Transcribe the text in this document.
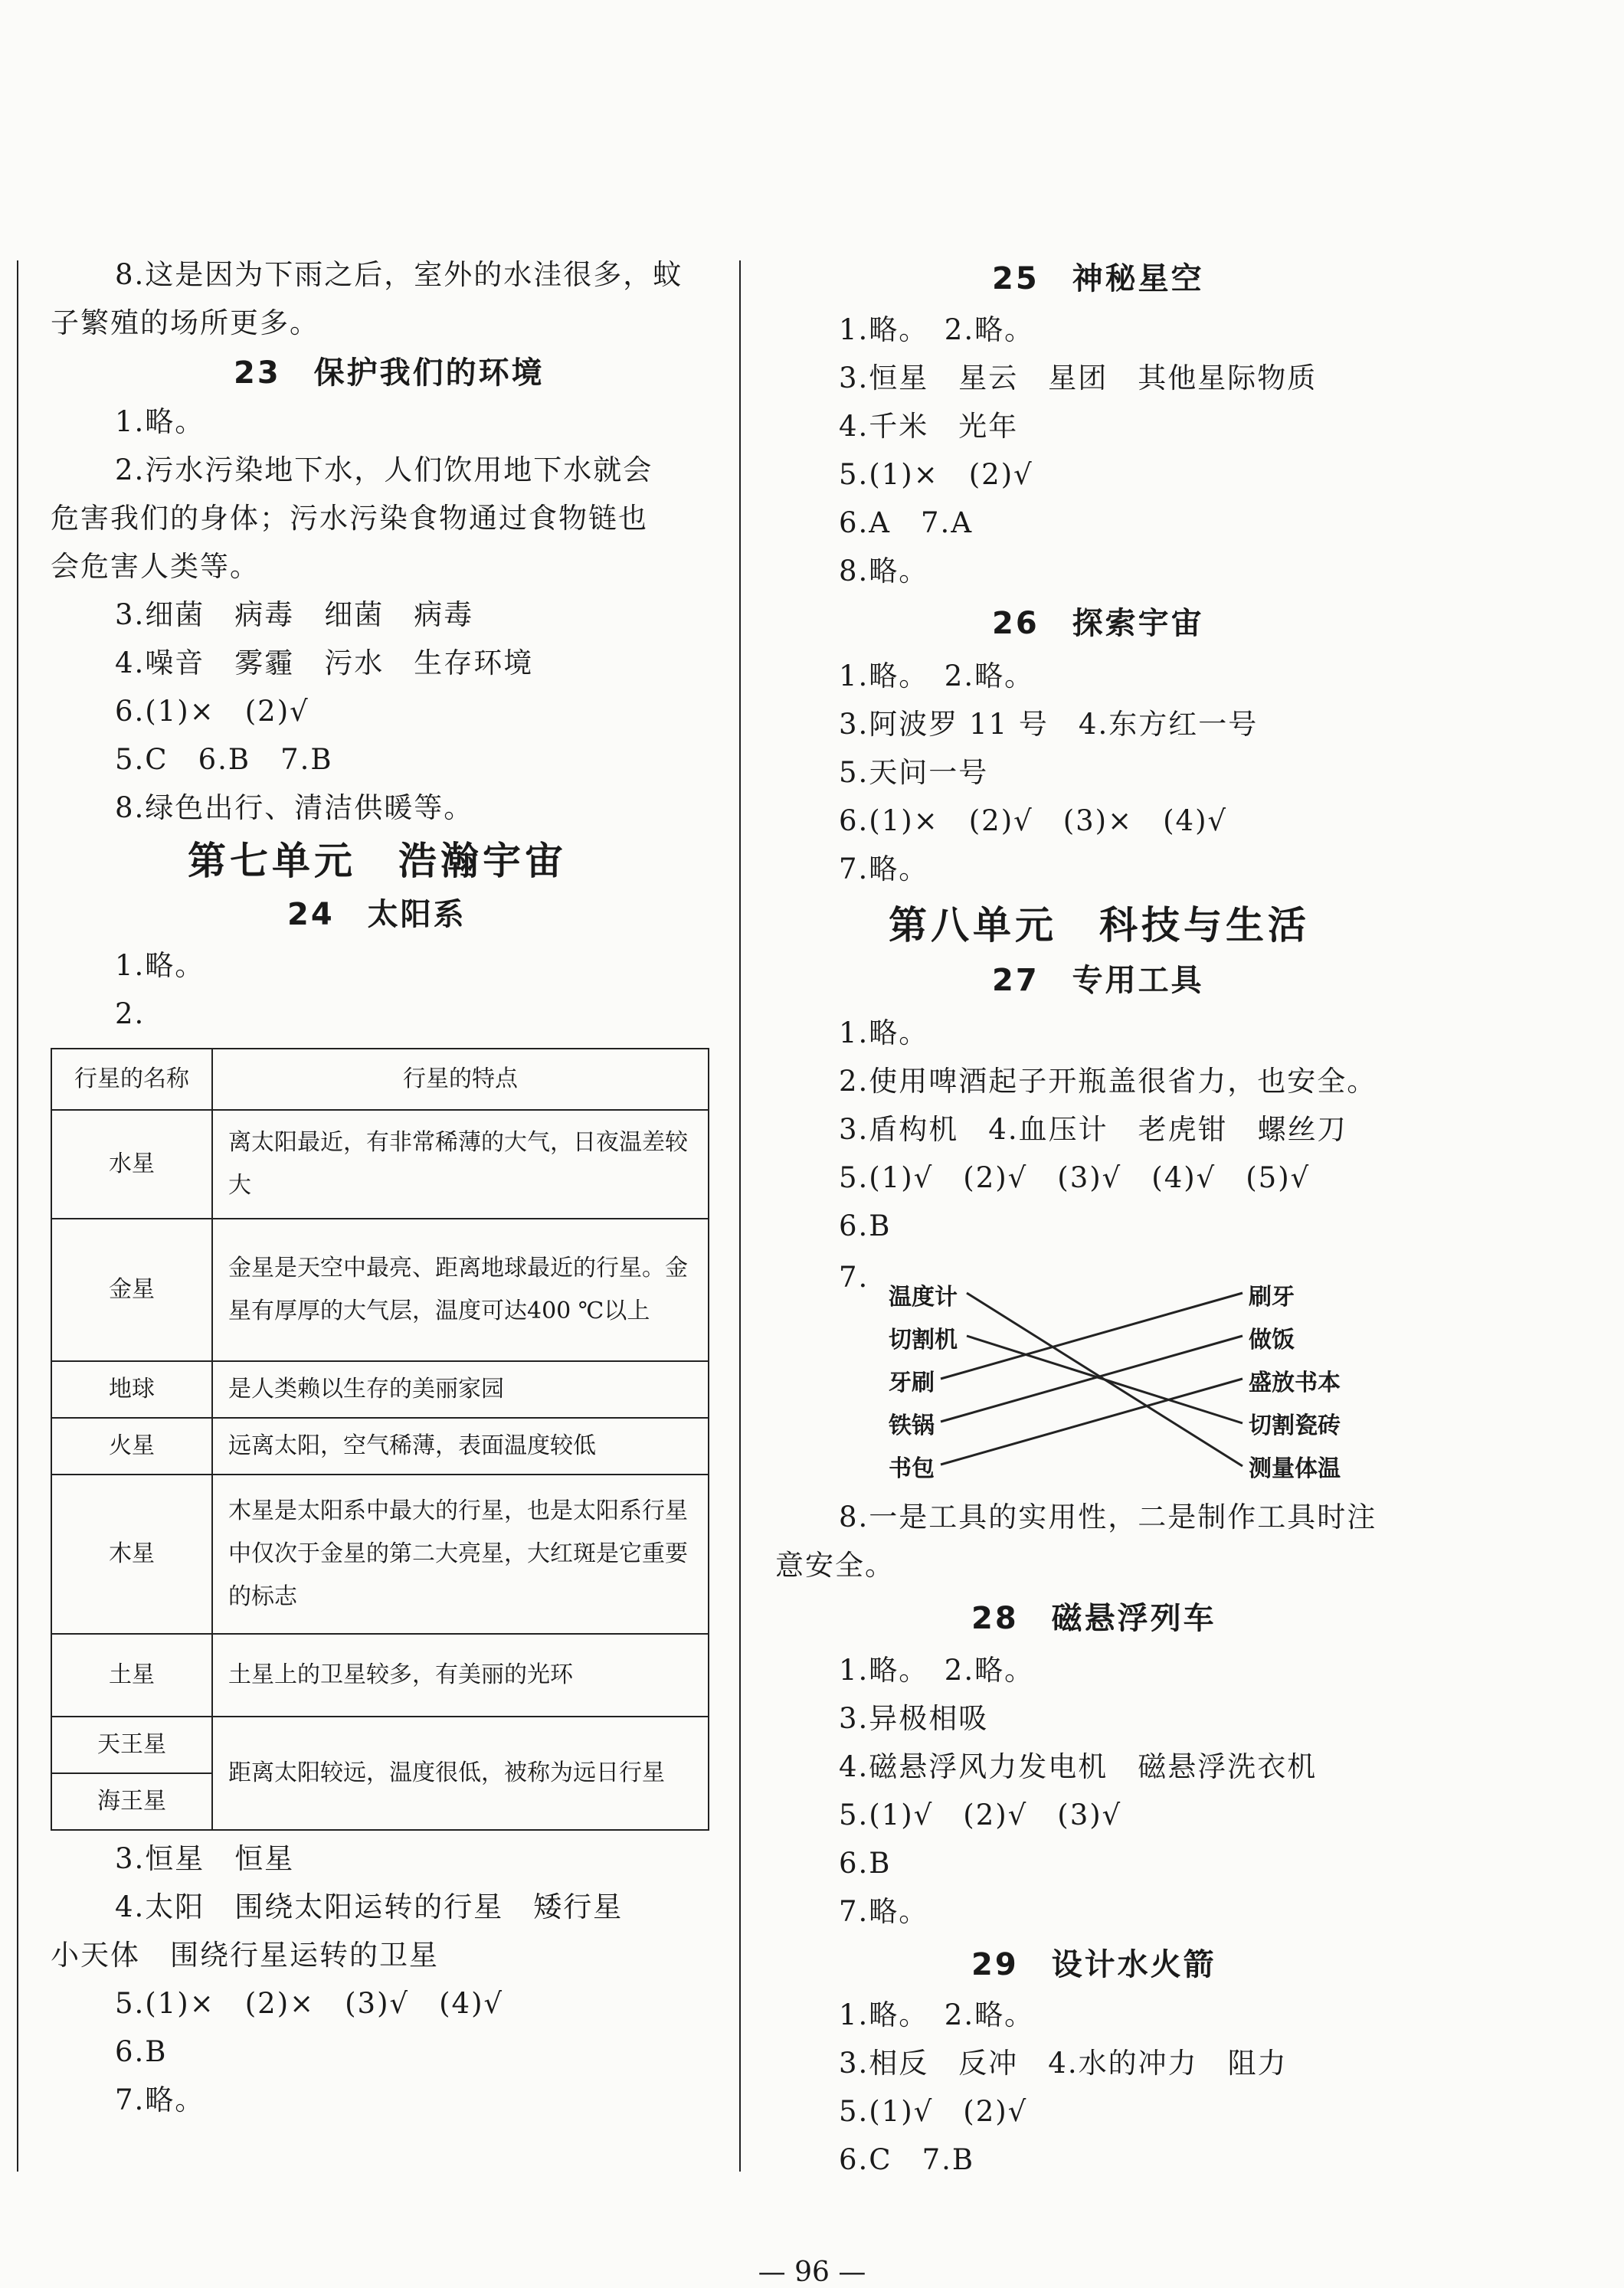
8.这是因为下雨之后，室外的水洼很多，蚊
子繁殖的场所更多。
23　保护我们的环境
1.略。
2.污水污染地下水，人们饮用地下水就会
危害我们的身体；污水污染食物通过食物链也
会危害人类等。
3.细菌　病毒　细菌　病毒
4.噪音　雾霾　污水　生存环境
6.(1)×　(2)√
5.C　6.B　7.B
8.绿色出行、清洁供暖等。
第七单元　浩瀚宇宙
24　太阳系
1.略。
2.
行星的名称	行星的特点
水星	离太阳最近，有非常稀薄的大气，日夜温差较大
金星	金星是天空中最亮、距离地球最近的行星。金星有厚厚的大气层，温度可达400 ℃以上
地球	是人类赖以生存的美丽家园
火星	远离太阳，空气稀薄，表面温度较低
木星	木星是太阳系中最大的行星，也是太阳系行星中仅次于金星的第二大亮星，大红斑是它重要的标志
土星	土星上的卫星较多，有美丽的光环
天王星	距离太阳较远，温度很低，被称为远日行星
海王星	
3.恒星　恒星
4.太阳　围绕太阳运转的行星　矮行星
小天体　围绕行星运转的卫星
5.(1)×　(2)×　(3)√　(4)√
6.B
7.略。
25　神秘星空
1.略。　2.略。
3.恒星　星云　星团　其他星际物质
4.千米　光年
5.(1)×　(2)√
6.A　7.A
8.略。
26　探索宇宙
1.略。　2.略。
3.阿波罗 11 号　4.东方红一号
5.天问一号
6.(1)×　(2)√　(3)×　(4)√
7.略。
第八单元　科技与生活
27　专用工具
1.略。
2.使用啤酒起子开瓶盖很省力，也安全。
3.盾构机　4.血压计　老虎钳　螺丝刀
5.(1)√　(2)√　(3)√　(4)√　(5)√
6.B
7.
温度计
切割机
牙刷
铁锅
书包
刷牙
做饭
盛放书本
切割瓷砖
测量体温
8.一是工具的实用性，二是制作工具时注
意安全。
28　磁悬浮列车
1.略。　2.略。
3.异极相吸
4.磁悬浮风力发电机　磁悬浮洗衣机
5.(1)√　(2)√　(3)√
6.B
7.略。
29　设计水火箭
1.略。　2.略。
3.相反　反冲　4.水的冲力　阻力
5.(1)√　(2)√
6.C　7.B
— 96 —
